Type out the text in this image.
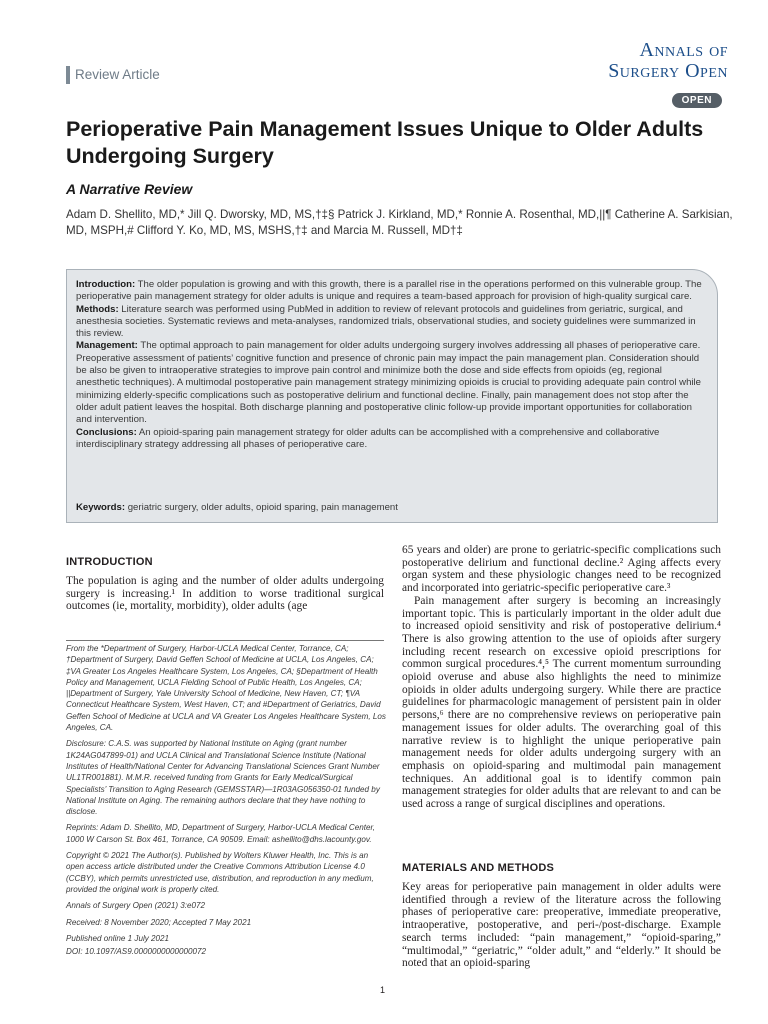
Review Article
Annals of
Surgery Open
OPEN
Perioperative Pain Management Issues Unique to Older Adults Undergoing Surgery
A Narrative Review
Adam D. Shellito, MD,* Jill Q. Dworsky, MD, MS,†‡§ Patrick J. Kirkland, MD,* Ronnie A. Rosenthal, MD,||¶ Catherine A. Sarkisian, MD, MSPH,# Clifford Y. Ko, MD, MS, MSHS,†‡ and Marcia M. Russell, MD†‡

Introduction: The older population is growing and with this growth, there is a parallel rise in the operations performed on this vulnerable group. The perioperative pain management strategy for older adults is unique and requires a team-based approach for provision of high-quality surgical care.

Methods: Literature search was performed using PubMed in addition to review of relevant protocols and guidelines from geriatric, surgical, and anesthesia societies. Systematic reviews and meta-analyses, randomized trials, observational studies, and society guidelines were summarized in this review.

Management: The optimal approach to pain management for older adults undergoing surgery involves addressing all phases of perioperative care. Preoperative assessment of patients’ cognitive function and presence of chronic pain may impact the pain management plan. Consideration should be also be given to intraoperative strategies to improve pain control and minimize both the dose and side effects from opioids (eg, regional anesthetic techniques). A multimodal postoperative pain management strategy minimizing opioids is crucial to providing adequate pain control while minimizing elderly-specific complications such as postoperative delirium and functional decline. Finally, pain management does not stop after the older adult patient leaves the hospital. Both discharge planning and postoperative clinic follow-up provide important opportunities for collaboration and intervention.

Conclusions: An opioid-sparing pain management strategy for older adults can be accomplished with a comprehensive and collaborative interdisciplinary strategy addressing all phases of perioperative care.

Keywords: geriatric surgery, older adults, opioid sparing, pain management

INTRODUCTION

The population is aging and the number of older adults undergoing surgery is increasing.¹ In addition to worse traditional surgical outcomes (ie, mortality, morbidity), older adults (age

From the *Department of Surgery, Harbor-UCLA Medical Center, Torrance, CA; †Department of Surgery, David Geffen School of Medicine at UCLA, Los Angeles, CA; ‡VA Greater Los Angeles Healthcare System, Los Angeles, CA; §Department of Health Policy and Management, UCLA Fielding School of Public Health, Los Angeles, CA; ||Department of Surgery, Yale University School of Medicine, New Haven, CT; ¶VA Connecticut Healthcare System, West Haven, CT; and #Department of Geriatrics, David Geffen School of Medicine at UCLA and VA Greater Los Angeles Healthcare System, Los Angeles, CA.

Disclosure: C.A.S. was supported by National Institute on Aging (grant number 1K24AG047899-01) and UCLA Clinical and Translational Science Institute (National Institutes of Health/National Center for Advancing Translational Sciences Grant Number UL1TR001881). M.M.R. received funding from Grants for Early Medical/Surgical Specialists’ Transition to Aging Research (GEMSSTAR)—1R03AG056350-01 funded by National Institute on Aging. The remaining authors declare that they have nothing to disclose.

Reprints: Adam D. Shellito, MD, Department of Surgery, Harbor-UCLA Medical Center, 1000 W Carson St. Box 461, Torrance, CA 90509. Email: ashellito@dhs.lacounty.gov.

Copyright © 2021 The Author(s). Published by Wolters Kluwer Health, Inc. This is an open access article distributed under the Creative Commons Attribution License 4.0 (CCBY), which permits unrestricted use, distribution, and reproduction in any medium, provided the original work is properly cited.

Annals of Surgery Open (2021) 3:e072

Received: 8 November 2020; Accepted 7 May 2021

Published online 1 July 2021

DOI: 10.1097/AS9.0000000000000072

65 years and older) are prone to geriatric-specific complications such postoperative delirium and functional decline.² Aging affects every organ system and these physiologic changes need to be recognized and incorporated into geriatric-specific perioperative care.³

Pain management after surgery is becoming an increasingly important topic. This is particularly important in the older adult due to increased opioid sensitivity and risk of postoperative delirium.⁴ There is also growing attention to the use of opioids after surgery including recent research on excessive opioid prescriptions for common surgical procedures.⁴,⁵ The current momentum surrounding opioid overuse and abuse also highlights the need to minimize opioids in older adults undergoing surgery. While there are practice guidelines for pharmacologic management of persistent pain in older persons,⁶ there are no comprehensive reviews on perioperative pain management issues for older adults. The overarching goal of this narrative review is to highlight the unique perioperative pain management needs for older adults undergoing surgery with an emphasis on opioid-sparing and multimodal pain management techniques. An additional goal is to identify common pain management strategies for older adults that are relevant to and can be used across a range of surgical disciplines and operations.

MATERIALS AND METHODS

Key areas for perioperative pain management in older adults were identified through a review of the literature across the following phases of perioperative care: preoperative, immediate preoperative, intraoperative, postoperative, and peri-/post-discharge. Example search terms included: “pain management,” “opioid-sparing,” “multimodal,” “geriatric,” “older adult,” and “elderly.” It should be noted that an opioid-sparing

1
